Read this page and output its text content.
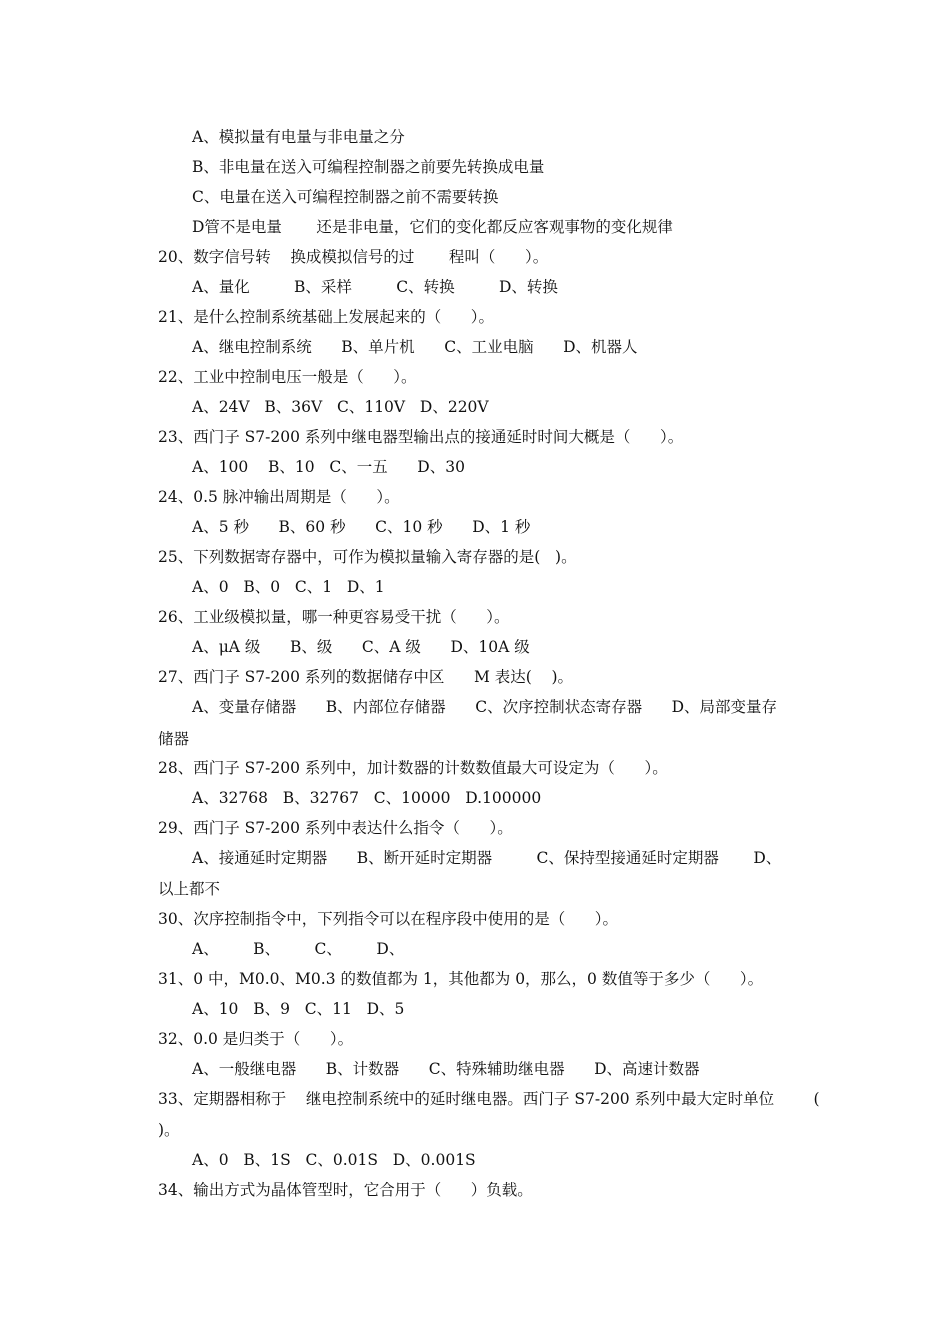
A、模拟量有电量与非电量之分
B、非电量在送入可编程控制器之前要先转换成电量
C、电量在送入可编程控制器之前不需要转换
D管不是电量       还是非电量，它们的变化都反应客观事物的变化规律
20、数字信号转    换成模拟信号的过       程叫（      ）。
A、量化         B、采样         C、转换         D、转换
21、是什么控制系统基础上发展起来的（      ）。
A、继电控制系统      B、单片机      C、工业电脑      D、机器人
22、工业中控制电压一般是（      ）。
A、24V   B、36V   C、110V   D、220V
23、西门子 S7-200 系列中继电器型输出点的接通延时时间大概是（      ）。
A、100    B、10   C、一五      D、30
24、0.5 脉冲输出周期是（      ）。
A、5 秒      B、60 秒      C、10 秒      D、1 秒
25、下列数据寄存器中，可作为模拟量输入寄存器的是(   )。
A、0   B、0   C、1   D、1
26、工业级模拟量，哪一种更容易受干扰（      ）。
A、μA 级      B、级      C、A 级      D、10A 级
27、西门子 S7-200 系列的数据储存中区      M 表达(    )。
A、变量存储器      B、内部位存储器      C、次序控制状态寄存器      D、局部变量存
储器
28、西门子 S7-200 系列中，加计数器的计数数值最大可设定为（      ）。
A、32768   B、32767   C、10000   D.100000
29、西门子 S7-200 系列中表达什么指令（      ）。
A、接通延时定期器      B、断开延时定期器         C、保持型接通延时定期器       D、
以上都不
30、次序控制指令中，下列指令可以在程序段中使用的是（      ）。
A、       B、       C、       D、
31、0 中，M0.0、M0.3 的数值都为 1，其他都为 0，那么，0 数值等于多少（      ）。
A、10   B、9   C、11   D、5
32、0.0 是归类于（      ）。
A、一般继电器      B、计数器      C、特殊辅助继电器      D、高速计数器
33、定期器相称于    继电控制系统中的延时继电器。西门子 S7-200 系列中最大定时单位        (
)。
A、0   B、1S   C、0.01S   D、0.001S
34、输出方式为晶体管型时，它合用于（      ）负载。
